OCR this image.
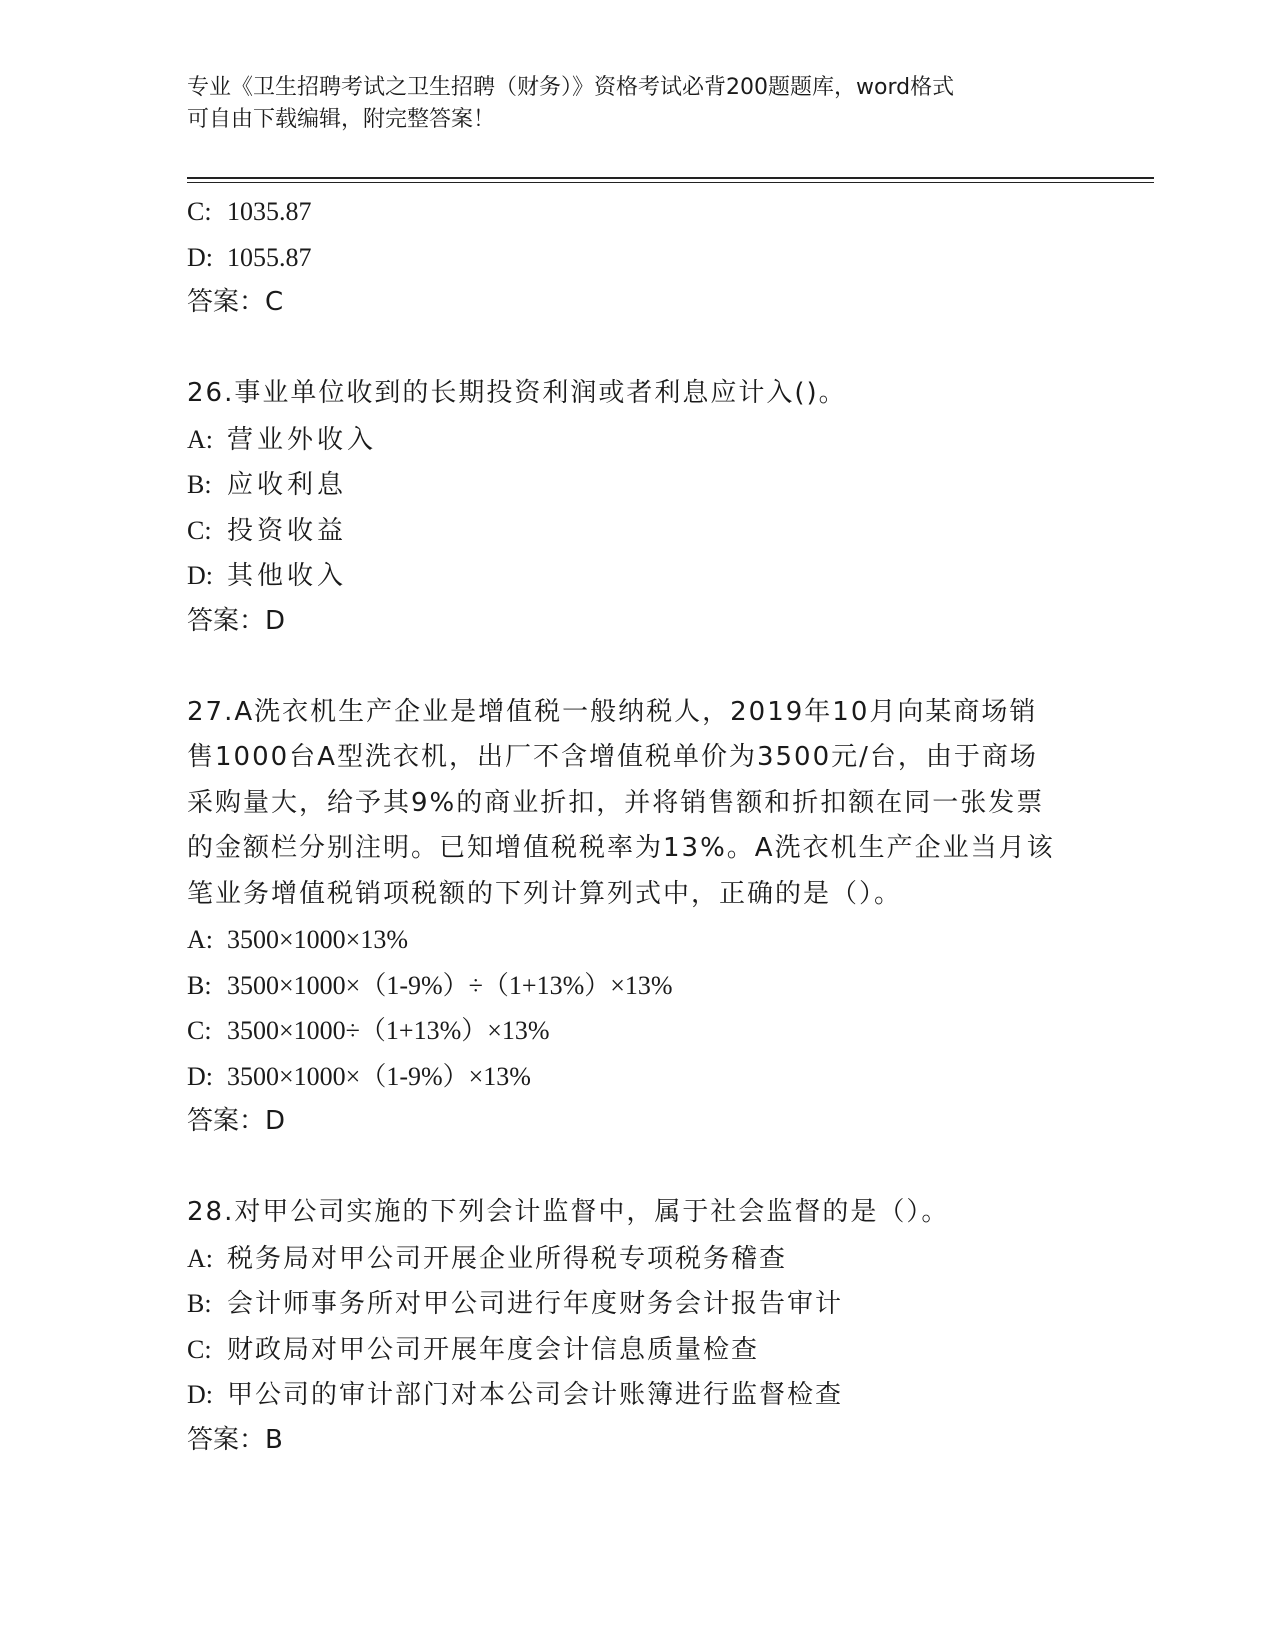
专业《卫生招聘考试之卫生招聘（财务）》资格考试必背200题题库，word格式
可自由下载编辑，附完整答案！
C: 1035.87
D: 1055.87
答案：C
26.事业单位收到的长期投资利润或者利息应计入()。
A: 营业外收入
B: 应收利息
C: 投资收益
D: 其他收入
答案：D
27.A洗衣机生产企业是增值税一般纳税人，2019年10月向某商场销
售1000台A型洗衣机，出厂不含增值税单价为3500元/台，由于商场
采购量大，给予其9%的商业折扣，并将销售额和折扣额在同一张发票
的金额栏分别注明。已知增值税税率为13%。A洗衣机生产企业当月该
笔业务增值税销项税额的下列计算列式中，正确的是（）。
A: 3500×1000×13%
B: 3500×1000×（1-9%）÷（1+13%）×13%
C: 3500×1000÷（1+13%）×13%
D: 3500×1000×（1-9%）×13%
答案：D
28.对甲公司实施的下列会计监督中，属于社会监督的是（）。
A: 税务局对甲公司开展企业所得税专项税务稽查
B: 会计师事务所对甲公司进行年度财务会计报告审计
C: 财政局对甲公司开展年度会计信息质量检查
D: 甲公司的审计部门对本公司会计账簿进行监督检查
答案：B
